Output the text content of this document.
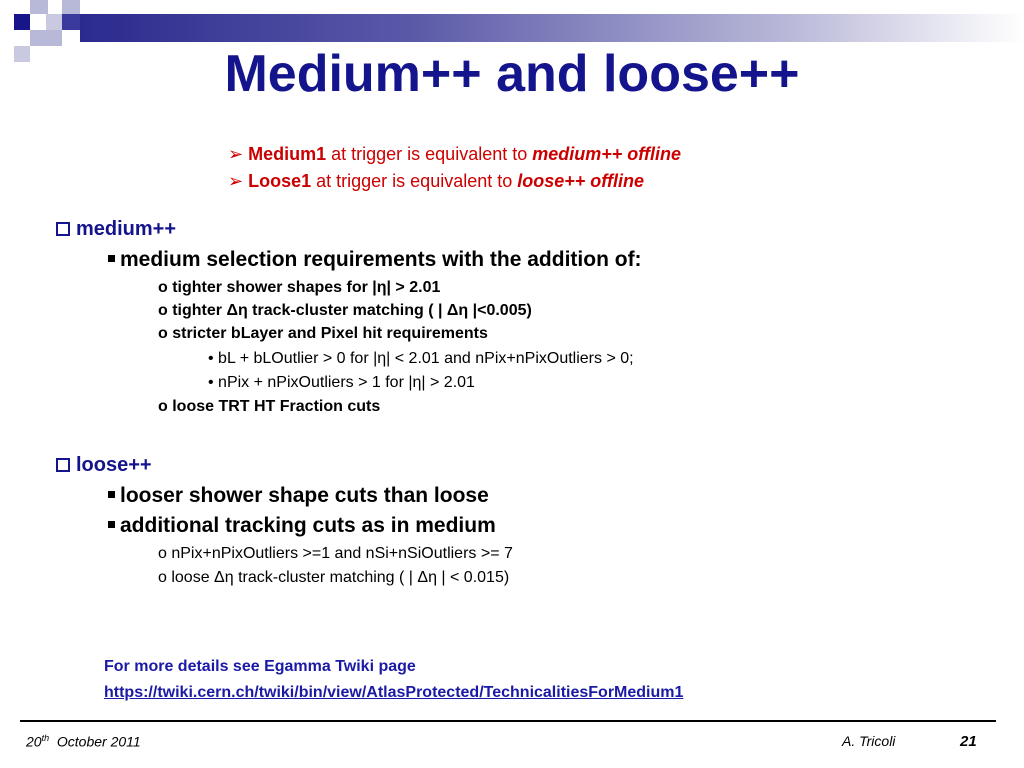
Medium++ and loose++
➢ Medium1 at trigger is equivalent to medium++ offline
➢ Loose1 at trigger is equivalent to loose++ offline
medium++
medium selection requirements with the addition of:
o tighter shower shapes for |η| > 2.01
o tighter Δη track-cluster matching ( | Δη |<0.005)
o stricter bLayer and Pixel hit requirements
• bL + bLOutlier > 0 for |η| < 2.01 and nPix+nPixOutliers > 0;
• nPix + nPixOutliers > 1 for |η| > 2.01
o loose TRT HT Fraction cuts
loose++
looser shower shape cuts than loose
additional tracking cuts as in medium
o nPix+nPixOutliers >=1 and nSi+nSiOutliers >= 7
o loose Δη track-cluster matching ( | Δη | < 0.015)
For more details see Egamma Twiki page
https://twiki.cern.ch/twiki/bin/view/AtlasProtected/TechnicalitiesForMedium1
20th  October 2011	A. Tricoli	21
